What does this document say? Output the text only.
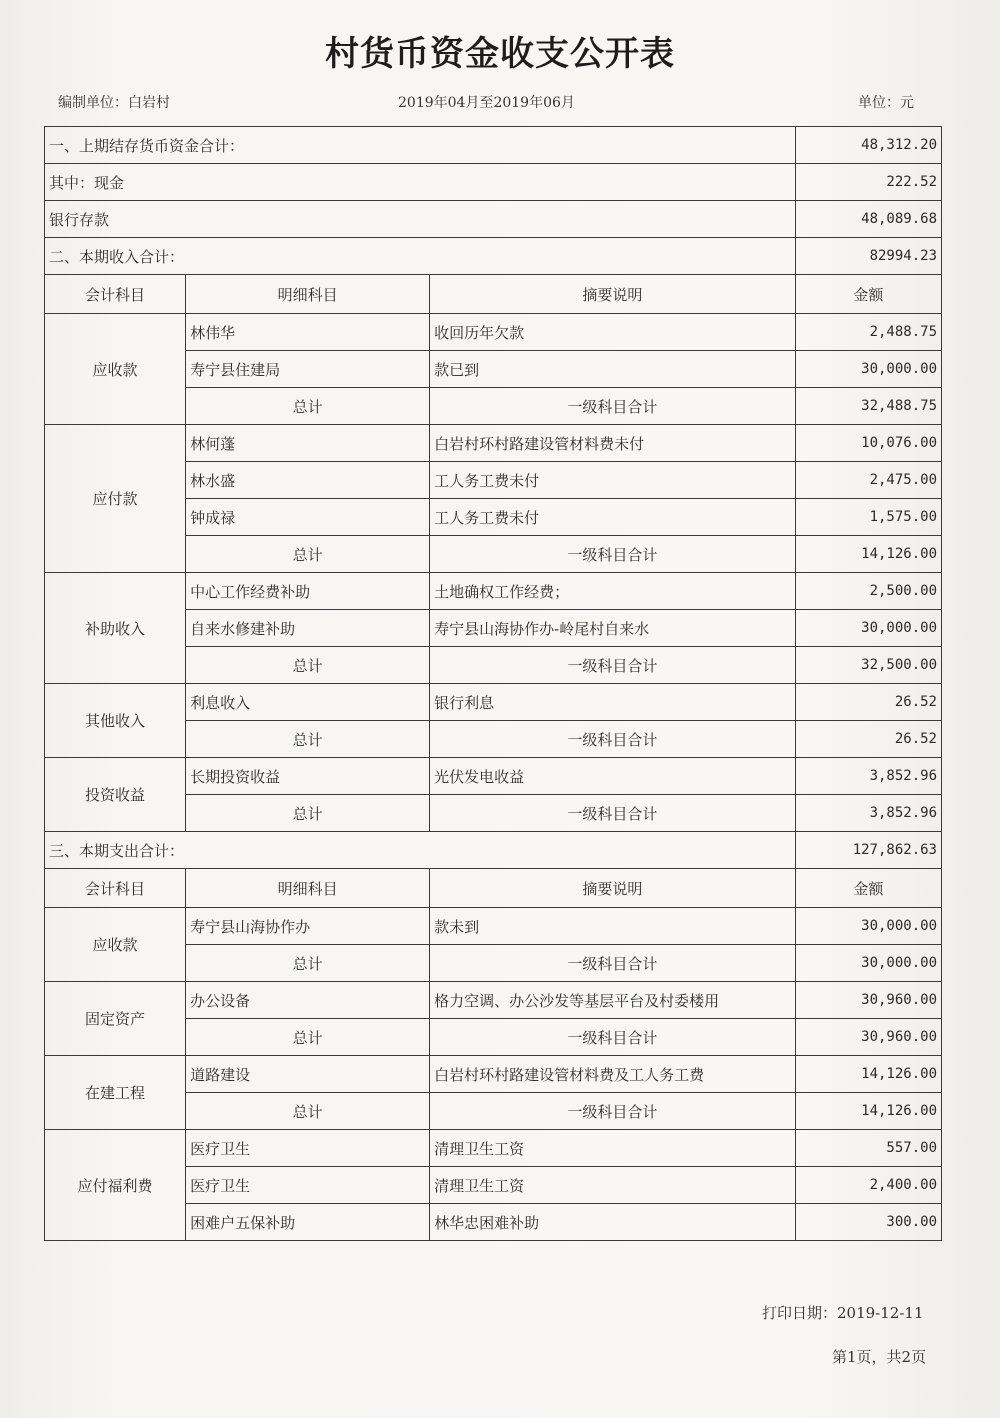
村货币资金收支公开表
编制单位：白岩村	2019年04月至2019年06月	单位：元
一、上期结存货币资金合计：			48,312.20
其中：现金			222.52
银行存款			48,089.68
二、本期收入合计：			82994.23
会计科目	明细科目	摘要说明	金额
应收款	林伟华	收回历年欠款	2,488.75
	寿宁县住建局	款已到	30,000.00
	总计	一级科目合计	32,488.75
应付款	林何蓬	白岩村环村路建设管材料费未付	10,076.00
	林水盛	工人务工费未付	2,475.00
	钟成禄	工人务工费未付	1,575.00
	总计	一级科目合计	14,126.00
补助收入	中心工作经费补助	土地确权工作经费；	2,500.00
	自来水修建补助	寿宁县山海协作办-岭尾村自来水	30,000.00
	总计	一级科目合计	32,500.00
其他收入	利息收入	银行利息	26.52
	总计	一级科目合计	26.52
投资收益	长期投资收益	光伏发电收益	3,852.96
	总计	一级科目合计	3,852.96
三、本期支出合计：			127,862.63
会计科目	明细科目	摘要说明	金额
应收款	寿宁县山海协作办	款未到	30,000.00
	总计	一级科目合计	30,000.00
固定资产	办公设备	格力空调、办公沙发等基层平台及村委楼用	30,960.00
	总计	一级科目合计	30,960.00
在建工程	道路建设	白岩村环村路建设管材料费及工人务工费	14,126.00
	总计	一级科目合计	14,126.00
应付福利费	医疗卫生	清理卫生工资	557.00
	医疗卫生	清理卫生工资	2,400.00
	困难户五保补助	林华忠困难补助	300.00
打印日期：2019-12-11
第1页，共2页
